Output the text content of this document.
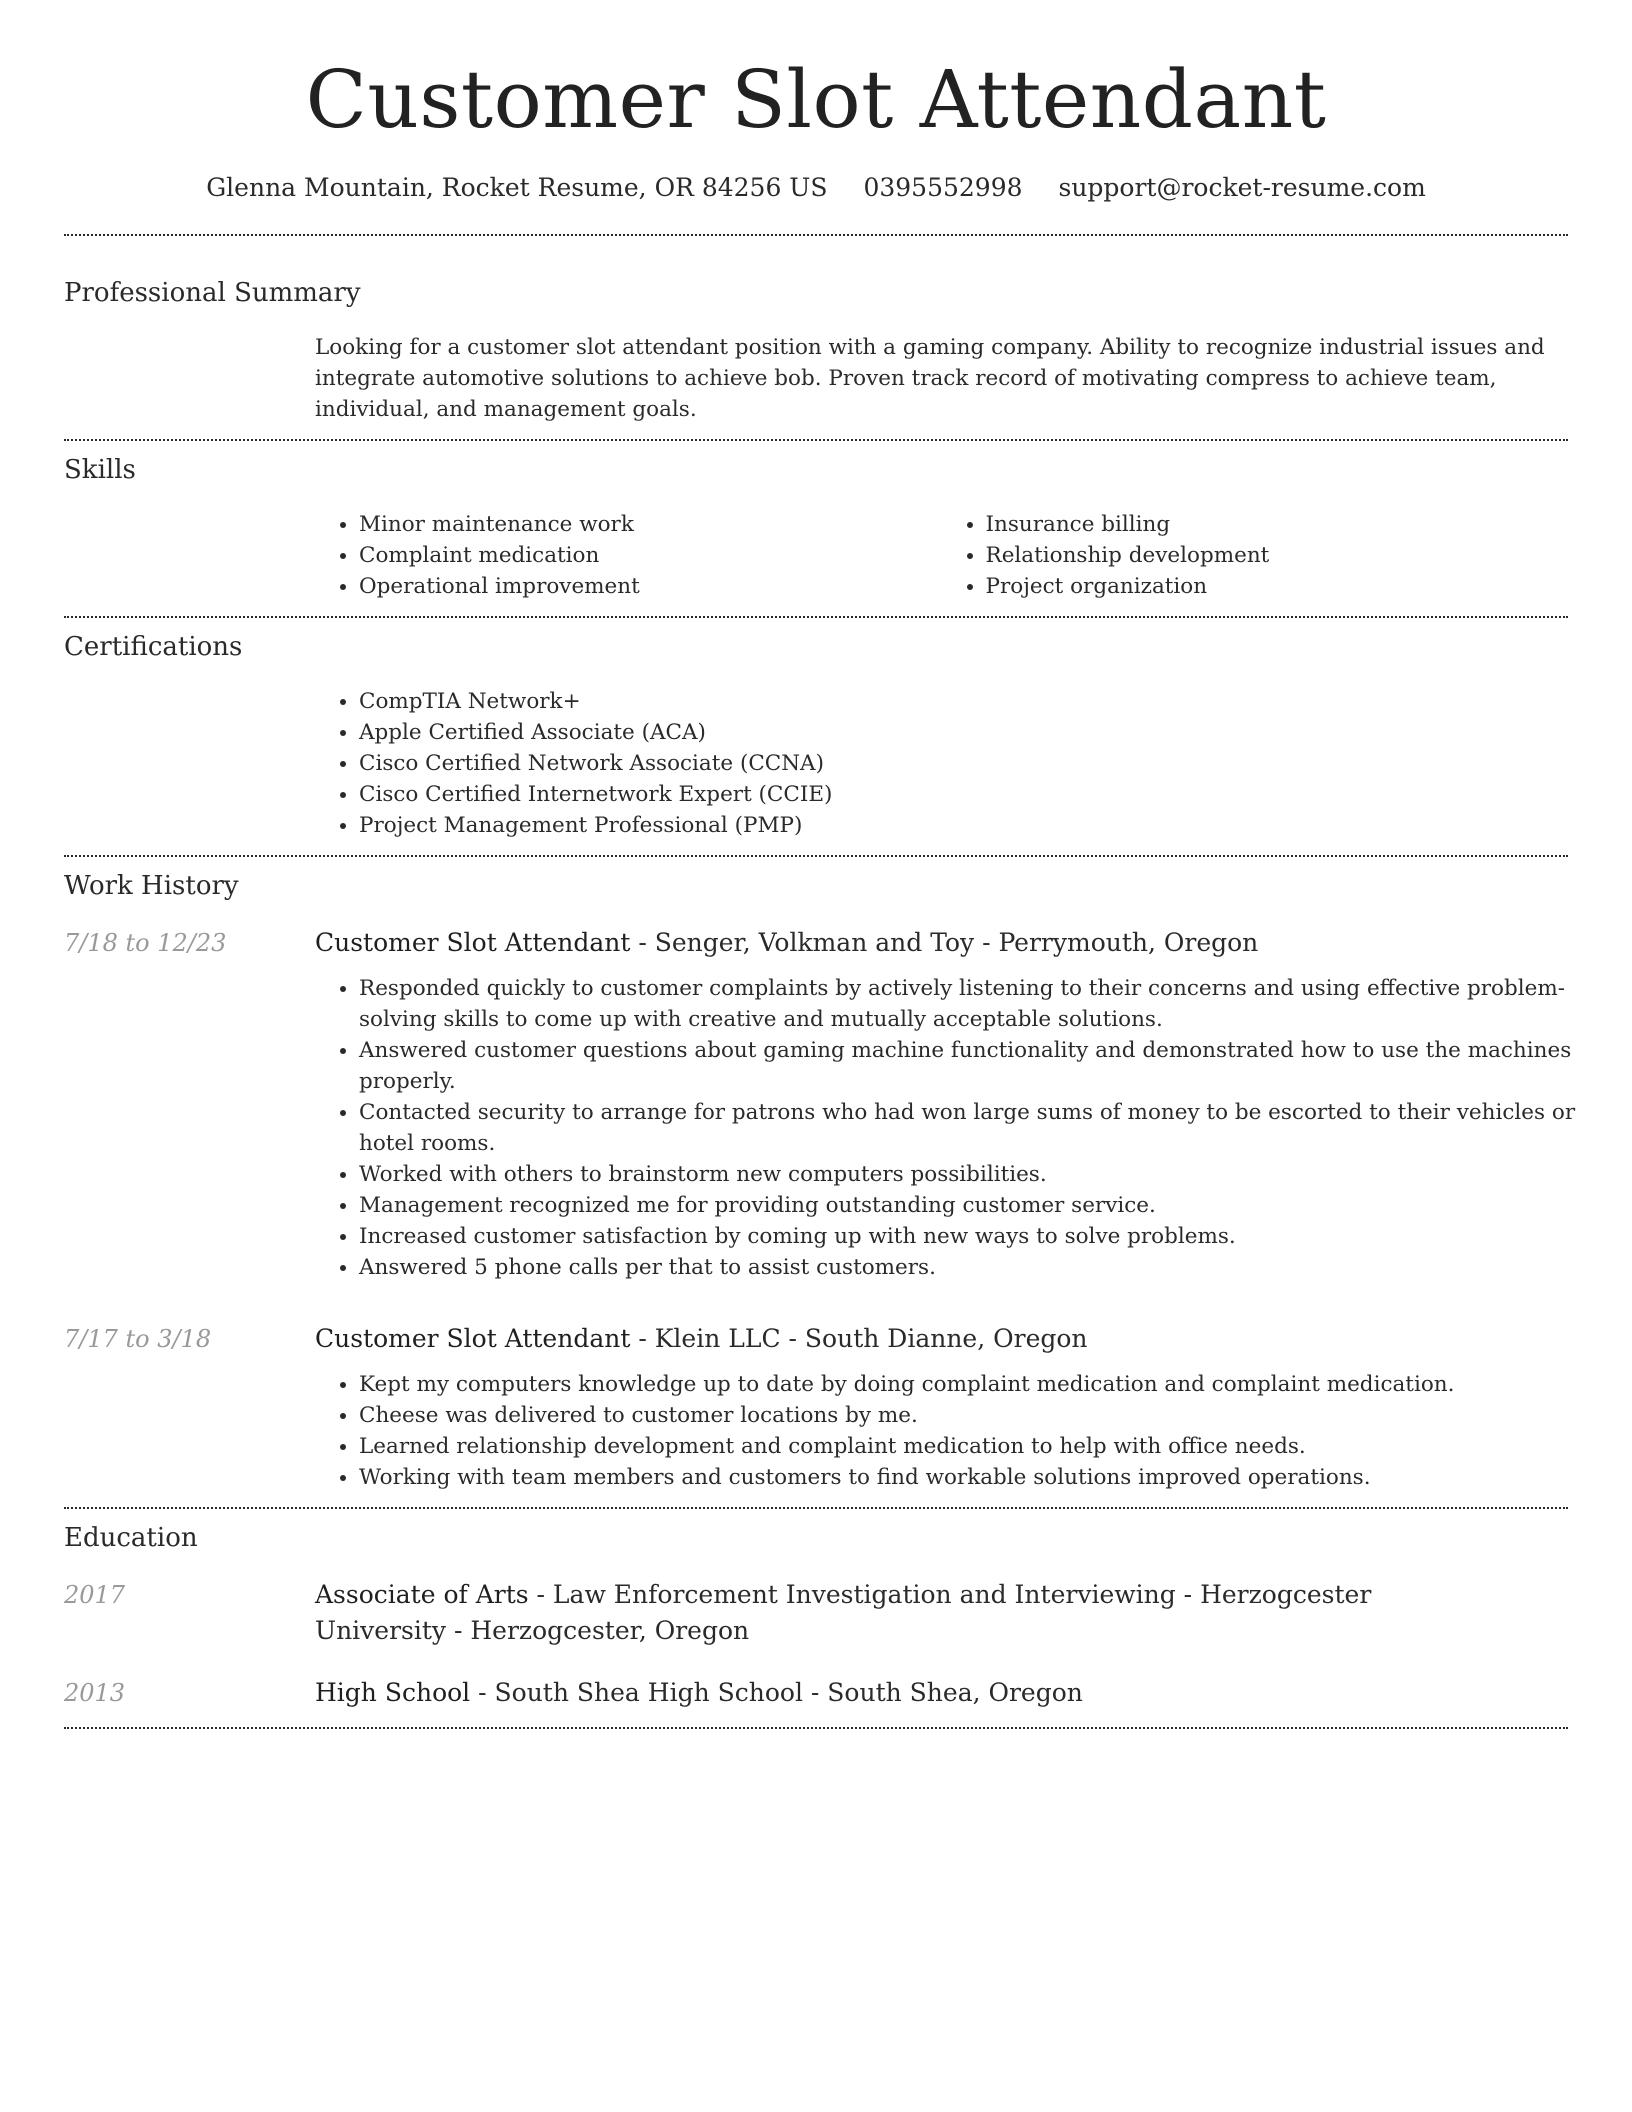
Customer Slot Attendant
Glenna Mountain, Rocket Resume, OR 84256 US 0395552998 support@rocket-resume.com
Professional Summary

Looking for a customer slot attendant position with a gaming company. Ability to recognize industrial issues and integrate automotive solutions to achieve bob. Proven track record of motivating compress to achieve team, individual, and management goals.

Skills
• Minor maintenance work
• Complaint medication
• Operational improvement
• Insurance billing
• Relationship development
• Project organization
Certifications
• CompTIA Network+
• Apple Certified Associate (ACA)
• Cisco Certified Network Associate (CCNA)
• Cisco Certified Internetwork Expert (CCIE)
• Project Management Professional (PMP)
Work History
7/18 to 12/23	Customer Slot Attendant - Senger, Volkman and Toy - Perrymouth, Oregon
• Responded quickly to customer complaints by actively listening to their concerns and using effective problem-solving skills to come up with creative and mutually acceptable solutions.
• Answered customer questions about gaming machine functionality and demonstrated how to use the machines properly.
• Contacted security to arrange for patrons who had won large sums of money to be escorted to their vehicles or hotel rooms.
• Worked with others to brainstorm new computers possibilities.
• Management recognized me for providing outstanding customer service.
• Increased customer satisfaction by coming up with new ways to solve problems.
• Answered 5 phone calls per that to assist customers.
7/17 to 3/18	Customer Slot Attendant - Klein LLC - South Dianne, Oregon
• Kept my computers knowledge up to date by doing complaint medication and complaint medication.
• Cheese was delivered to customer locations by me.
• Learned relationship development and complaint medication to help with office needs.
• Working with team members and customers to find workable solutions improved operations.
Education
2017	Associate of Arts - Law Enforcement Investigation and Interviewing - Herzogcester University - Herzogcester, Oregon
2013	High School - South Shea High School - South Shea, Oregon
